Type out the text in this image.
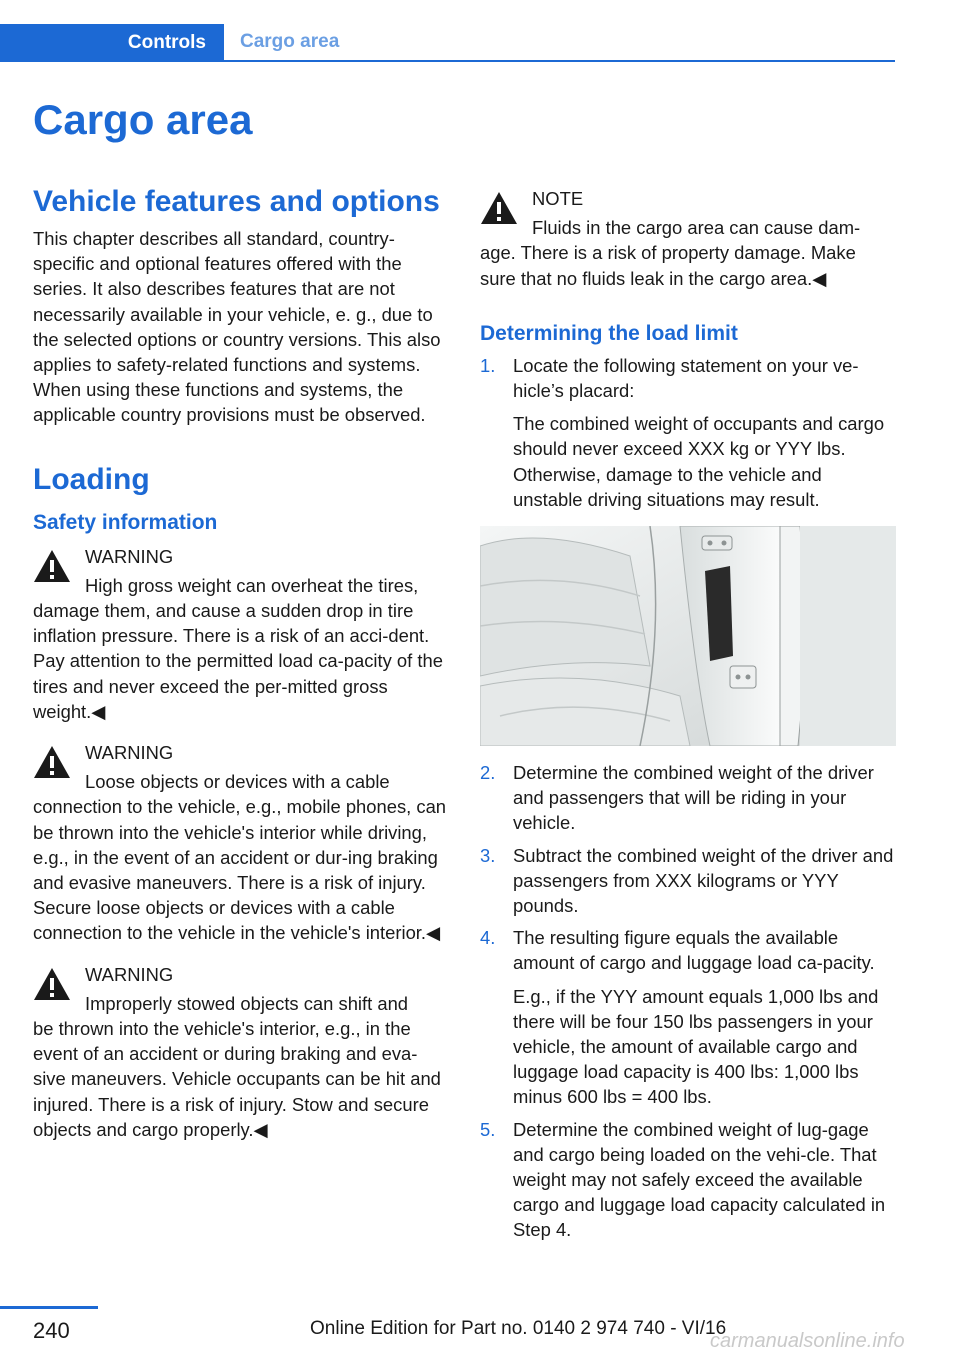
Controls	Cargo area
Cargo area
Vehicle features and options

This chapter describes all standard, country-specific and optional features offered with the series. It also describes features that are not necessarily available in your vehicle, e. g., due to the selected options or country versions. This also applies to safety-related functions and systems. When using these functions and systems, the applicable country provisions must be observed.

Loading
Safety information
WARNING
High gross weight can overheat the tires,

damage them, and cause a sudden drop in tire inflation pressure. There is a risk of an acci-dent. Pay attention to the permitted load ca-pacity of the tires and never exceed the per-mitted gross weight.◀

WARNING
Loose objects or devices with a cable

connection to the vehicle, e.g., mobile phones, can be thrown into the vehicle's interior while driving, e.g., in the event of an accident or dur-ing braking and evasive maneuvers. There is a risk of injury. Secure loose objects or devices with a cable connection to the vehicle in the vehicle's interior.◀

WARNING
Improperly stowed objects can shift and

be thrown into the vehicle's interior, e.g., in the event of an accident or during braking and eva-sive maneuvers. Vehicle occupants can be hit and injured. There is a risk of injury. Stow and secure objects and cargo properly.◀

NOTE
Fluids in the cargo area can cause dam-

age. There is a risk of property damage. Make sure that no fluids leak in the cargo area.◀

Determining the load limit
1. Locate the following statement on your ve-hicle’s placard:

The combined weight of occupants and cargo should never exceed XXX kg or YYY lbs. Otherwise, damage to the vehicle and unstable driving situations may result.

2. Determine the combined weight of the driver and passengers that will be riding in your vehicle.

3. Subtract the combined weight of the driver and passengers from XXX kilograms or YYY pounds.

4. The resulting figure equals the available amount of cargo and luggage load ca-pacity.

E.g., if the YYY amount equals 1,000 lbs and there will be four 150 lbs passengers in your vehicle, the amount of available cargo and luggage load capacity is 400 lbs: 1,000 lbs minus 600 lbs = 400 lbs.

5. Determine the combined weight of lug-gage and cargo being loaded on the vehi-cle. That weight may not safely exceed the available cargo and luggage load capacity calculated in Step 4.

240	Online Edition for Part no. 0140 2 974 740 - VI/16
carmanualsonline.info
